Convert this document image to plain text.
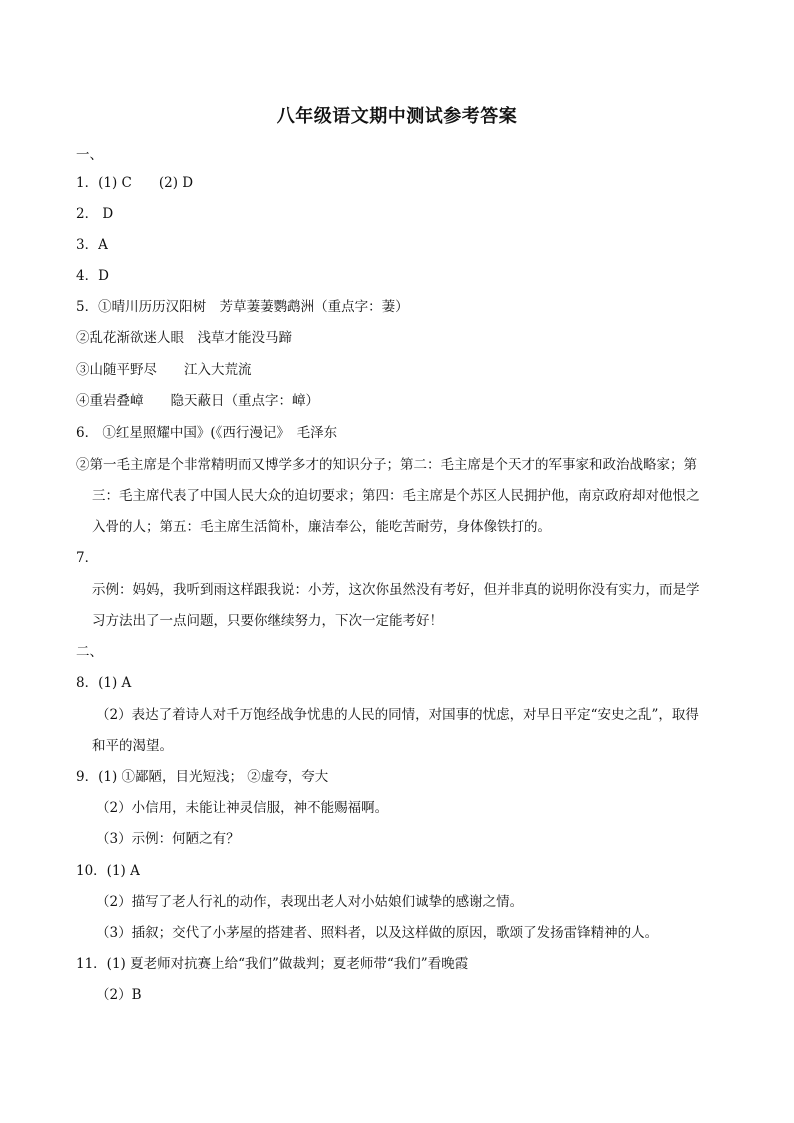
八年级语文期中测试参考答案
一、
1．(1) C　　(2) D
2． D
3．A
4．D
5．①晴川历历汉阳树　芳草萋萋鹦鹉洲（重点字：萋）
②乱花渐欲迷人眼　浅草才能没马蹄
③山随平野尽　　江入大荒流
④重岩叠嶂　　隐天蔽日（重点字：嶂）
6． ①红星照耀中国》(《西行漫记》　毛泽东
②第一毛主席是个非常精明而又博学多才的知识分子；第二：毛主席是个天才的军事家和政治战略家；第
三：毛主席代表了中国人民大众的迫切要求；第四：毛主席是个苏区人民拥护他，南京政府却对他恨之
入骨的人；第五：毛主席生活简朴，廉洁奉公，能吃苦耐劳，身体像铁打的。
7．
示例：妈妈，我听到雨这样跟我说：小芳，这次你虽然没有考好，但并非真的说明你没有实力，而是学
习方法出了一点问题，只要你继续努力，下次一定能考好！
二、
8．(1) A
（2）表达了着诗人对千万饱经战争忧患的人民的同情，对国事的忧虑，对早日平定“安史之乱”，取得
和平的渴望。
9．(1) ①鄙陋，目光短浅； ②虚夸，夸大
（2）小信用，未能让神灵信服，神不能赐福啊。
（3）示例：何陋之有？
10．(1) A
（2）描写了老人行礼的动作，表现出老人对小姑娘们诚挚的感谢之情。
（3）插叙；交代了小茅屋的搭建者、照料者，以及这样做的原因，歌颂了发扬雷锋精神的人。
11．(1) 夏老师对抗赛上给“我们”做裁判；夏老师带“我们”看晚霞
（2）B
